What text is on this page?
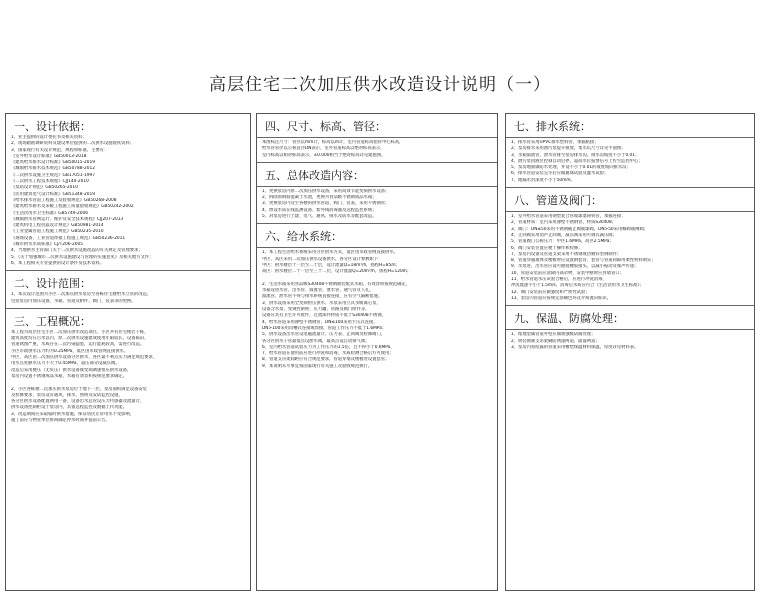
高层住宅二次加压供水改造设计说明（一）
一、设计依据：
1、业主提供的设计委托书及相关资料；
2、现场踏勘调研资料及建设单位提供的二次供水设施现状资料；
3、国家现行有关设计规范、规程和标准，主要有：
《室外给水设计标准》GB50013-2018
《建筑给水排水设计标准》GB50015-2019
《城镇给水排水技术规范》GB50788-2012
《二次供水设施卫生规范》GB17051-1997
《二次供水工程技术规程》CJJ140-2010
《泵站设计规范》GB50265-2010
《民用建筑电气设计标准》GB51348-2019
《给水排水管道工程施工及验收规范》GB50268-2008
《建筑给水排水及采暖工程施工质量验收规范》GB50242-2002
《生活饮用水卫生标准》GB5749-2006
《城镇供水管网运行、维护及安全技术规程》CJJ207-2013
《建筑机电工程抗震设计规范》GB50981-2014
《工业金属管道工程施工规范》GB50235-2010
《现场设备、工业管道焊接工程施工规范》GB50236-2011
《城市供水水质标准》CJ/T206-2005
4、当地供水主管部门关于二次供水设施改造的有关规定及管理要求；
5、《关于加强城市二次供水设施建设与管理的实施意见》及相关地方文件；
6、本工程相关专业提供的设计条件及技术资料。
二、设计范围：
1、本次设计范围为小区二次加压供水泵房至各栋住宅楼给水立管的改造，
包括泵房内加压设备、水箱、管道及附件、阀门、仪表等的更换。
三、工程概况：
本工程为高层住宅小区二次加压供水改造项目，小区共有住宅楼若干栋，
建筑高度均在百米以内，原二次供水设施建成使用年限较长，设备陈旧，
管道锈蚀严重，水质存在二次污染隐患，运行能耗较高，需进行改造。
小区市政供水压力约为0.25MPa，低区由市政管网直接供水，
中区、高区由二次加压供水设备分区供水，各区最不利点压力满足规范要求，
用水点处静水压力不大于0.45MPa，超压部分设减压阀。
改造后采用叠压（无负压）供水设备或变频调速恒压供水设备，
泵房内设置不锈钢成品水箱，水箱有效容积按规范要求确定。

2、小区各栋楼二次加压供水泵房位于地下一层，泵房面积满足设备安装
及检修要求，泵房设有通风、排水、照明及安防监控设施，
各分区供水设备配置两用一备，设备出水总管设压力传感器及流量计，
供水设备控制柜设于泵房内，具备远程监控及数据上传功能。
3、改造期间应采取临时供水措施，保证居民正常用水不受影响，
施工前应与物业单位协商确定停水时间并提前公告。
四、尺寸、标高、管径：
本图标注尺寸：管径以mm计，标高以m计，室内管道标高指管中心标高，
给水管管径以公称直径DN表示，室外管道标高以绝对标高表示，
室内标高以相对标高表示，±0.000相当于绝对标高详见建施图。
五、总体改造内容：
1、更换泵房内原二次加压供水设备，采用高效节能变频供水设备；
2、拆除原钢筋混凝土水池，更换为食品级不锈钢成品水箱；
3、更换泵房内及至各楼的供水管道、阀门、仪表，采用不锈钢管；
4、增设水质在线监测设备、紫外线消毒器及远程监控系统；
5、对泵房进行土建、电气、通风、排水及防水等配套改造。
六、给水系统：
1、本工程生活给水系统采用分区供水方式，低区由市政管网直接供水，
中区、高区采用二次加压供水设备供水，各分区设计参数如下：
中区：供水楼层十一层至二十层，设计流量Q=18m³/h，扬程H=85m；
高区：供水楼层二十一层至三十二层，设计流量Q=20m³/h，扬程H=120m；

2、生活水箱采用食品级S30408不锈钢板装配式水箱，有效容积按规范确定，
水箱设进水管、出水管、溢流管、泄水管、通气管及人孔，
溢流管、泄水管不得与排水系统直接连接，应有空气隔断措施；
3、供水设备采用全变频恒压供水，水泵采用立式多级离心泵，
设备含水泵、变频控制柜、压力罐、管路及阀门附件等，
设备应具有卫生许可批件，过流部件材质不低于S30408不锈钢。
4、给水管道采用薄壁不锈钢管，DN≤100采用卡压式连接，
DN>100采用沟槽式连接或焊接，管道工作压力不低于1.6MPa；
5、供水设备出水管设电磁流量计、压力表、止回阀及检修阀门，
各分区供水干管最低点设泄水阀，最高点设自动排气阀；
6、室内给水管道试验压力为工作压力的1.5倍，且不得小于0.6MPa，
7、给水管道在使用前应进行冲洗和消毒，水质检测合格后方可使用；
8、管道支吊架间距应符合规范要求，管道穿墙及楼板处设置套管；
9、本说明未尽事宜按国家现行有关施工及验收规范执行。
七、排水系统：
1、排水管采用UPVC排水塑料管，承插粘接；
2、泵房排水采用潜污泵提升排放，集水坑尺寸详见平面图；
3、水箱溢流管、泄水管排至泵房排水沟，排水沟坡度不小于0.01；
4、潜污泵由液位控制自动启停，超高水位报警信号上传至监控中心；
5、泵房地面做防水处理，并设不小于0.01的坡度坡向排水沟；
6、排水管道安装完毕后应做通球试验及灌水试验；
7、地漏水封深度不小于50mm。
八、管道及阀门：
1、室外给水管道采用钢塑复合管或球墨铸铁管，承插连接；
2、管道材质：室内采用薄壁不锈钢管，材质S30408；
3、阀门：DN≤50采用不锈钢截止阀或球阀，DN>50采用蝶阀或闸阀；
4、止回阀采用消声止回阀，减压阀采用可调式减压阀；
5、管道阀门公称压力：中区1.6MPa，高区2.5MPa；
6、阀门安装位置应便于操作和检修；
7、泵房内设备及管道支架采用不锈钢或热镀锌型钢制作；
8、管道穿越墙体及楼板时应设置钢套管，套管与管道间隙用柔性材料填实；
9、水泵进、出水管应设可曲挠橡胶接头，以减小振动及噪声传递；
10、管道安装前应清除内部杂物，安装中断时应封堵管口；
11、给水管道水压试验合格后，应进行冲洗消毒，
冲洗流速不小于1.5m/s，消毒后水质应符合《生活饮用水卫生标准》；
12、阀门安装前应做强度和严密性试验；
13、泵房内管道应按规定涂刷色环及介质流向标识。
九、保温、防腐处理：
1、埋地金属管道外壁应做加强级防腐处理；
2、明装钢制支吊架刷防锈漆两道，面漆两道；
3、泵房内易结露的管道采用橡塑保温材料保温，厚度详见材料表。
